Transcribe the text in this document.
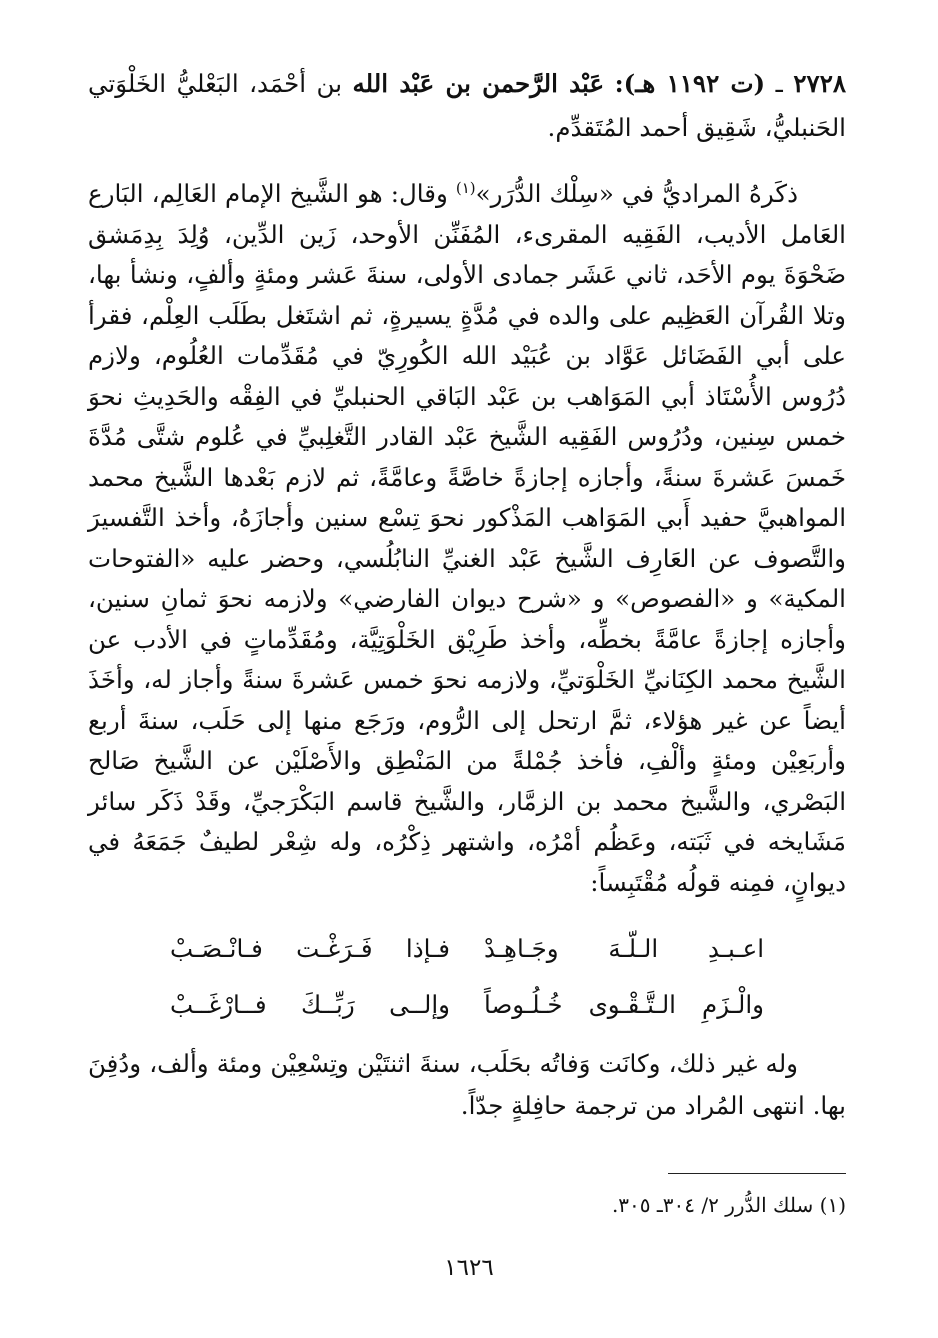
٢٧٢٨ ـ (ت ١١٩٢ هـ): عَبْد الرَّحمن بن عَبْد الله بن أحْمَد، البَعْليُّ الخَلْوَتي الحَنبليُّ، شَقِيق أحمد المُتَقدِّم.
ذكَرهُ المراديُّ في «سِلْك الدُّرَر»$^{(١)}$ وقال: هو الشَّيخ الإمام العَالِم، البَارع العَامل الأديب، الفَقِيه المقرىء، المُفَنِّن الأوحد، زَين الدِّين، وُلِدَ بِدِمَشق ضَحْوَةَ يوم الأحَد، ثاني عَشَر جمادى الأولى، سنةَ عَشر ومئةٍ وألفٍ، ونشأ بها، وتلا القُرآن العَظِيم على والده في مُدَّةٍ يسيرةٍ، ثم اشتَغل بطَلَب العِلْم، فقرأ على أبي الفَضَائل عَوَّاد بن عُبَيْد الله الكُورِيّ في مُقَدِّمات العُلُوم، ولازم دُرُوس الأُسْتَاذ أبي المَوَاهب بن عَبْد البَاقي الحنبليِّ في الفِقْه والحَدِيثِ نحوَ خمس سِنين، ودُرُوس الفَقِيه الشَّيخ عَبْد القادر التَّغلِبيِّ في عُلوم شتَّى مُدَّةَ خَمسَ عَشرةَ سنةً، وأجازه إجازةً خاصَّةً وعامَّةً، ثم لازم بَعْدها الشَّيخ محمد المواهبيَّ حفيد أَبي المَوَاهب المَذْكور نحوَ تِسْع سنين وأجازَهُ، وأخذ التَّفسيرَ والتَّصوف عن العَارِف الشَّيخ عَبْد الغنيِّ النابُلُسي، وحضر عليه «الفتوحات المكية» و «الفصوص» و «شرح ديوان الفارضي» ولازمه نحوَ ثمانِ سنين، وأجازه إجازةً عامَّةً بخطِّه، وأخذ طَرِيْق الخَلْوَتِيَّة، ومُقَدِّماتٍ في الأدب عن الشَّيخ محمد الكِنَانيِّ الخَلْوَتيِّ، ولازمه نحوَ خمس عَشرةَ سنةً وأجاز له، وأخَذَ أيضاً عن غير هؤلاء، ثمَّ ارتحل إلى الرُّوم، ورَجَع منها إلى حَلَب، سنةَ أربع وأربَعِيْن ومئةٍ وألْفِ، فأخذ جُمْلةً من المَنْطِق والأَصْلَيْن عن الشَّيخ صَالح البَصْري، والشَّيخ محمد بن الزمَّار، والشَّيخ قاسم البَكْرَجيِّ، وقَدْ ذَكَر سائر مَشَايخه في ثَبَته، وعَظُم أمْرُه، واشتهر ذِكْرُه، وله شِعْر لطيفٌ جَمَعَهُ في ديوانٍ، فمِنه قولُه مُقْتَبِساً:
اعـبـدِ الـلّـهَ وجَـاهِـدْ
فـإذا فَـرَغْـت فـانْـصَـبْ
والْـزَمِ الـتَّـقْـوى خُـلُـوصاً
وإلــى رَبِّــكَ فــارْغَــبْ

وله غير ذلك، وكانَت وَفاتُه بحَلَب، سنةَ اثنتَيْن وتِسْعِيْن ومئة وألف، ودُفِنَ بها. انتهى المُراد من ترجمة حافِلةٍ جدّاً.

(١) سلك الدُّرر ٢/ ٣٠٤ـ ٣٠٥.
١٦٢٦
